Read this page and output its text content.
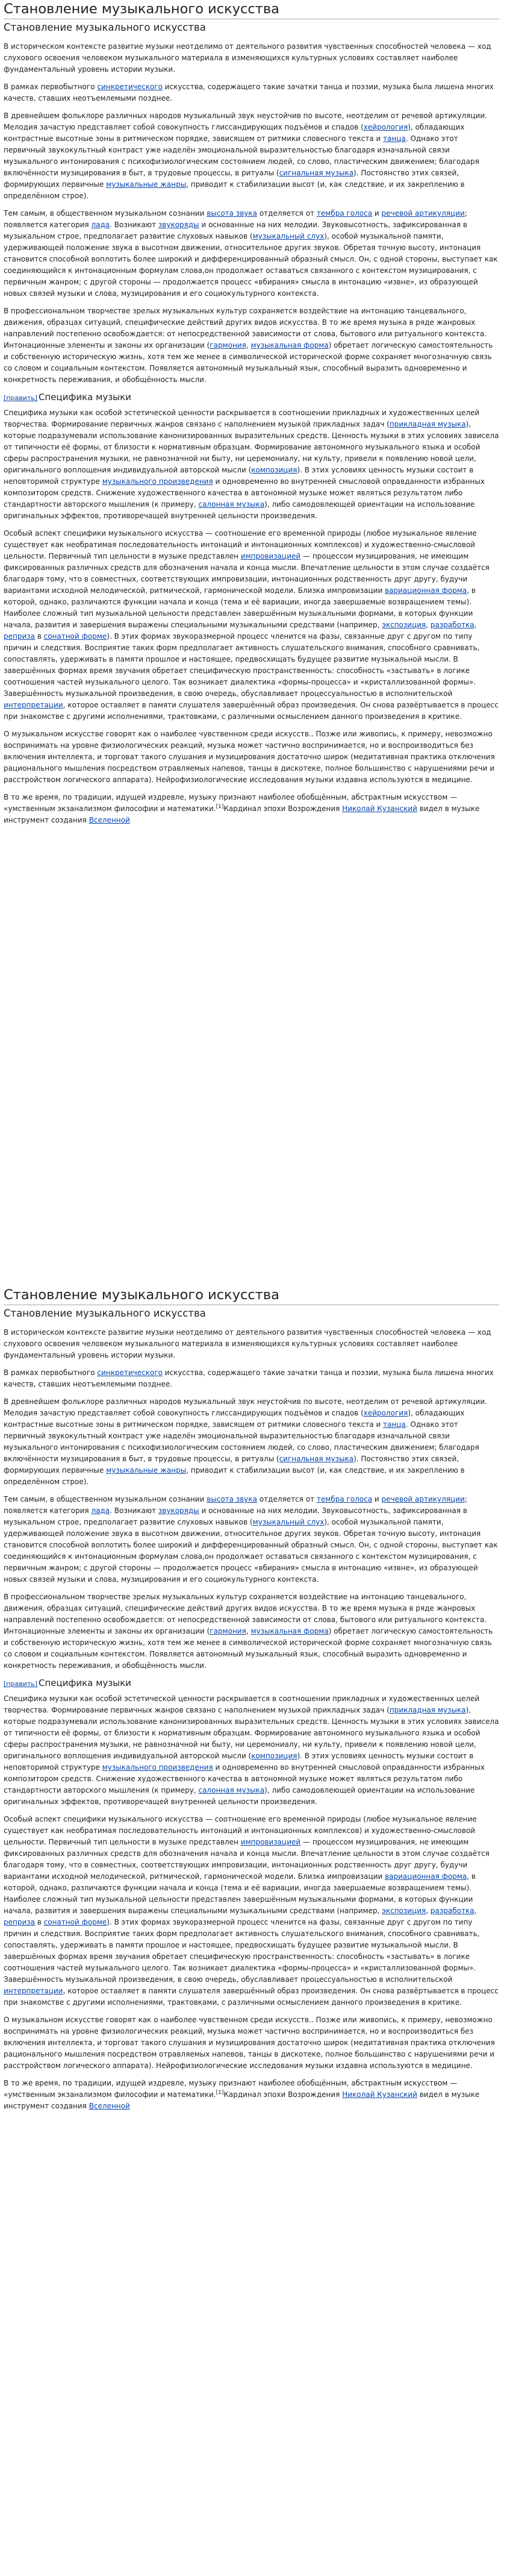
Становление музыкального искусства
Становление музыкального искусства

В историческом контексте развитие музыки неотделимо от деятельного развития чувственных способностей человека — ход слухового освоения человеком музыкального материала в изменяющихся культурных условиях составляет наиболее фундаментальный уровень истории музыки.

В рамках первобытного синкретического искусства, содержащего такие зачатки танца и поэзии, музыка была лишена многих качеств, ставших неотъемлемыми позднее.

В древнейшем фольклоре различных народов музыкальный звук неустойчив по высоте, неотделим от речевой артикуляции. Мелодия зачастую представляет собой совокупность глиссандирующих подъёмов и спадов (хейрология), обладающих контрастные высотные зоны в ритмическом порядке, зависящем от ритмики словесного текста и танца. Однако этот первичный звукокультный контраст уже наделён эмоциональной выразительностью благодаря изначальной связи музыкального интонирования с психофизиологическим состоянием людей, со слово, пластическим движением; благодаря включённости музицирования в быт, в трудовые процессы, в ритуалы (сигнальная музыка). Постоянство этих связей, формирующих первичные музыкальные жанры, приводит к стабилизации высот (и, как следствие, и их закреплению в определённом строе).

Тем самым, в общественном музыкальном сознании высота звука отделяется от тембра голоса и речевой артикуляции; появляется категория лада. Возникают звукоряды и основанные на них мелодии. Звуковысотность, зафиксированная в музыкальном строе, предполагает развитие слуховых навыков (музыкальный слух), особой музыкальной памяти, удерживающей положение звука в высотном движении, относительное других звуков. Обретая точную высоту, интонация становится способной воплотить более широкий и дифференцированный образный смысл. Он, с одной стороны, выступает как соединяющийся к интонационным формулам слова,он продолжает оставаться связанного с контекстом музицирования, с первичным жанром; с другой стороны — продолжается процесс «вбирания» смысла в интонацию «извне», из образующей новых связей музыки и слова, музицирования и его социокультурного контекста.

В профессиональном творчестве зрелых музыкальных культур сохраняется воздействие на интонацию танцевального, движения, образцах ситуаций, специфические действий других видов искусства. В то же время музыка в ряде жанровых направлений постепенно освобождается: от непосредственной зависимости от слова, бытового или ритуального контекста. Интонационные элементы и законы их организации (гармония, музыкальная форма) обретает логическую самостоятельность и собственную историческую жизнь, хотя тем же менее в символической исторической форме сохраняет многозначную связь со словом и социальным контекстом. Появляется автономный музыкальный язык, способный выразить одновременно и конкретность переживания, и обобщённость мысли.

[править] Специфика музыки

Специфика музыки как особой эстетической ценности раскрывается в соотношении прикладных и художественных целей творчества. Формирование первичных жанров связано с наполнением музыкой прикладных задач (прикладная музыка), которые подразумевали использование канонизированных выразительных средств. Ценность музыки в этих условиях зависела от типичности её формы, от близости к нормативным образцам. Формирование автономного музыкального языка и особой сферы распространения музыки, не равнозначной ни быту, ни церемониалу, ни культу, привели к появлению новой цели, оригинального воплощения индивидуальной авторской мысли (композиция). В этих условиях ценность музыки состоит в неповторимой структуре музыкального произведения и одновременно во внутренней смысловой оправданности избранных композитором средств. Снижение художественного качества в автономной музыке может являться результатом либо стандартности авторского мышления (к примеру, салонная музыка), либо самодовлеющей ориентации на использование оригинальных эффектов, противоречащей внутренней цельности произведения.

Особый аспект специфики музыкального искусства — соотношение его временной природы (любое музыкальное явление существует как необратимая последовательность интонаций и интонационных комплексов) и художественно-смысловой цельности. Первичный тип цельности в музыке представлен импровизацией — процессом музицирования, не имеющим фиксированных различных средств для обозначения начала и конца мысли. Впечатление цельности в этом случае создаётся благодаря тому, что в совместных, соответствующих импровизации, интонационных родственность друг другу, будучи вариантами исходной мелодической, ритмической, гармонической модели. Близка импровизации вариационная форма, в которой, однако, различаются функции начала и конца (тема и её вариации, иногда завершаемые возвращением темы). Наиболее сложный тип музыкальной цельности представлен завершённым музыкальными формами, в которых функции начала, развития и завершения выражены специальными музыкальными средствами (например, экспозиция, разработка, реприза в сонатной форме). В этих формах звукоразмерной процесс членится на фазы, связанные друг с другом по типу причин и следствия. Восприятие таких форм предполагает активность слушательского внимания, способного сравнивать, сопоставлять, удерживать в памяти прошлое и настоящее, предвосхищать будущее развитие музыкальной мысли. В завершённых формах время звучания обретает специфическую пространственность: способность «застывать» в логике соотношения частей музыкального целого. Так возникает диалектика «формы-процесса» и «кристаллизованной формы». Завершённость музыкальной произведения, в свою очередь, обуславливает процессуальностью в исполнительской интерпретации, которое оставляет в памяти слушателя завершённый образ произведения. Он снова развёртывается в процесс при знакомстве с другими исполнениями, трактовками, с различными осмыслением данного произведения в критике.

О музыкальном искусстве говорят как о наиболее чувственном среди искусств.. Позже или живопись, к примеру, невозможно воспринимать на уровне физиологических реакций, музыка может частично воспринимается, но и воспроизводиться без включения интеллекта, и торговат такого слушания и музицирования достаточно широк (медитативная практика отключения рационального мышления посредством отравляемых напевов, танцы в дискотеке, полное большинство с нарушениями речи и расстройством логического аппарата). Нейрофизиологические исследования музыки издавна используются в медицине.

В то же время, по традиции, идущей издревле, музыку признают наиболее обобщённым, абстрактным искусством — «умственным экзанализмом философии и математики.[1]Кардинал эпохи Возрождения Николай Кузанский видел в музыке инструмент создания Вселенной

Становление музыкального искусства
Становление музыкального искусства

В историческом контексте развитие музыки неотделимо от деятельного развития чувственных способностей человека — ход слухового освоения человеком музыкального материала в изменяющихся культурных условиях составляет наиболее фундаментальный уровень истории музыки.

В рамках первобытного синкретического искусства, содержащего такие зачатки танца и поэзии, музыка была лишена многих качеств, ставших неотъемлемыми позднее.

В древнейшем фольклоре различных народов музыкальный звук неустойчив по высоте, неотделим от речевой артикуляции. Мелодия зачастую представляет собой совокупность глиссандирующих подъёмов и спадов (хейрология), обладающих контрастные высотные зоны в ритмическом порядке, зависящем от ритмики словесного текста и танца. Однако этот первичный звукокультный контраст уже наделён эмоциональной выразительностью благодаря изначальной связи музыкального интонирования с психофизиологическим состоянием людей, со слово, пластическим движением; благодаря включённости музицирования в быт, в трудовые процессы, в ритуалы (сигнальная музыка). Постоянство этих связей, формирующих первичные музыкальные жанры, приводит к стабилизации высот (и, как следствие, и их закреплению в определённом строе).

Тем самым, в общественном музыкальном сознании высота звука отделяется от тембра голоса и речевой артикуляции; появляется категория лада. Возникают звукоряды и основанные на них мелодии. Звуковысотность, зафиксированная в музыкальном строе, предполагает развитие слуховых навыков (музыкальный слух), особой музыкальной памяти, удерживающей положение звука в высотном движении, относительное других звуков. Обретая точную высоту, интонация становится способной воплотить более широкий и дифференцированный образный смысл. Он, с одной стороны, выступает как соединяющийся к интонационным формулам слова,он продолжает оставаться связанного с контекстом музицирования, с первичным жанром; с другой стороны — продолжается процесс «вбирания» смысла в интонацию «извне», из образующей новых связей музыки и слова, музицирования и его социокультурного контекста.

В профессиональном творчестве зрелых музыкальных культур сохраняется воздействие на интонацию танцевального, движения, образцах ситуаций, специфические действий других видов искусства. В то же время музыка в ряде жанровых направлений постепенно освобождается: от непосредственной зависимости от слова, бытового или ритуального контекста. Интонационные элементы и законы их организации (гармония, музыкальная форма) обретает логическую самостоятельность и собственную историческую жизнь, хотя тем же менее в символической исторической форме сохраняет многозначную связь со словом и социальным контекстом. Появляется автономный музыкальный язык, способный выразить одновременно и конкретность переживания, и обобщённость мысли.

[править] Специфика музыки

Специфика музыки как особой эстетической ценности раскрывается в соотношении прикладных и художественных целей творчества. Формирование первичных жанров связано с наполнением музыкой прикладных задач (прикладная музыка), которые подразумевали использование канонизированных выразительных средств. Ценность музыки в этих условиях зависела от типичности её формы, от близости к нормативным образцам. Формирование автономного музыкального языка и особой сферы распространения музыки, не равнозначной ни быту, ни церемониалу, ни культу, привели к появлению новой цели, оригинального воплощения индивидуальной авторской мысли (композиция). В этих условиях ценность музыки состоит в неповторимой структуре музыкального произведения и одновременно во внутренней смысловой оправданности избранных композитором средств. Снижение художественного качества в автономной музыке может являться результатом либо стандартности авторского мышления (к примеру, салонная музыка), либо самодовлеющей ориентации на использование оригинальных эффектов, противоречащей внутренней цельности произведения.

Особый аспект специфики музыкального искусства — соотношение его временной природы (любое музыкальное явление существует как необратимая последовательность интонаций и интонационных комплексов) и художественно-смысловой цельности. Первичный тип цельности в музыке представлен импровизацией — процессом музицирования, не имеющим фиксированных различных средств для обозначения начала и конца мысли. Впечатление цельности в этом случае создаётся благодаря тому, что в совместных, соответствующих импровизации, интонационных родственность друг другу, будучи вариантами исходной мелодической, ритмической, гармонической модели. Близка импровизации вариационная форма, в которой, однако, различаются функции начала и конца (тема и её вариации, иногда завершаемые возвращением темы). Наиболее сложный тип музыкальной цельности представлен завершённым музыкальными формами, в которых функции начала, развития и завершения выражены специальными музыкальными средствами (например, экспозиция, разработка, реприза в сонатной форме). В этих формах звукоразмерной процесс членится на фазы, связанные друг с другом по типу причин и следствия. Восприятие таких форм предполагает активность слушательского внимания, способного сравнивать, сопоставлять, удерживать в памяти прошлое и настоящее, предвосхищать будущее развитие музыкальной мысли. В завершённых формах время звучания обретает специфическую пространственность: способность «застывать» в логике соотношения частей музыкального целого. Так возникает диалектика «формы-процесса» и «кристаллизованной формы». Завершённость музыкальной произведения, в свою очередь, обуславливает процессуальностью в исполнительской интерпретации, которое оставляет в памяти слушателя завершённый образ произведения. Он снова развёртывается в процесс при знакомстве с другими исполнениями, трактовками, с различными осмыслением данного произведения в критике.

О музыкальном искусстве говорят как о наиболее чувственном среди искусств.. Позже или живопись, к примеру, невозможно воспринимать на уровне физиологических реакций, музыка может частично воспринимается, но и воспроизводиться без включения интеллекта, и торговат такого слушания и музицирования достаточно широк (медитативная практика отключения рационального мышления посредством отравляемых напевов, танцы в дискотеке, полное большинство с нарушениями речи и расстройством логического аппарата). Нейрофизиологические исследования музыки издавна используются в медицине.

В то же время, по традиции, идущей издревле, музыку признают наиболее обобщённым, абстрактным искусством — «умственным экзанализмом философии и математики.[1]Кардинал эпохи Возрождения Николай Кузанский видел в музыке инструмент создания Вселенной
